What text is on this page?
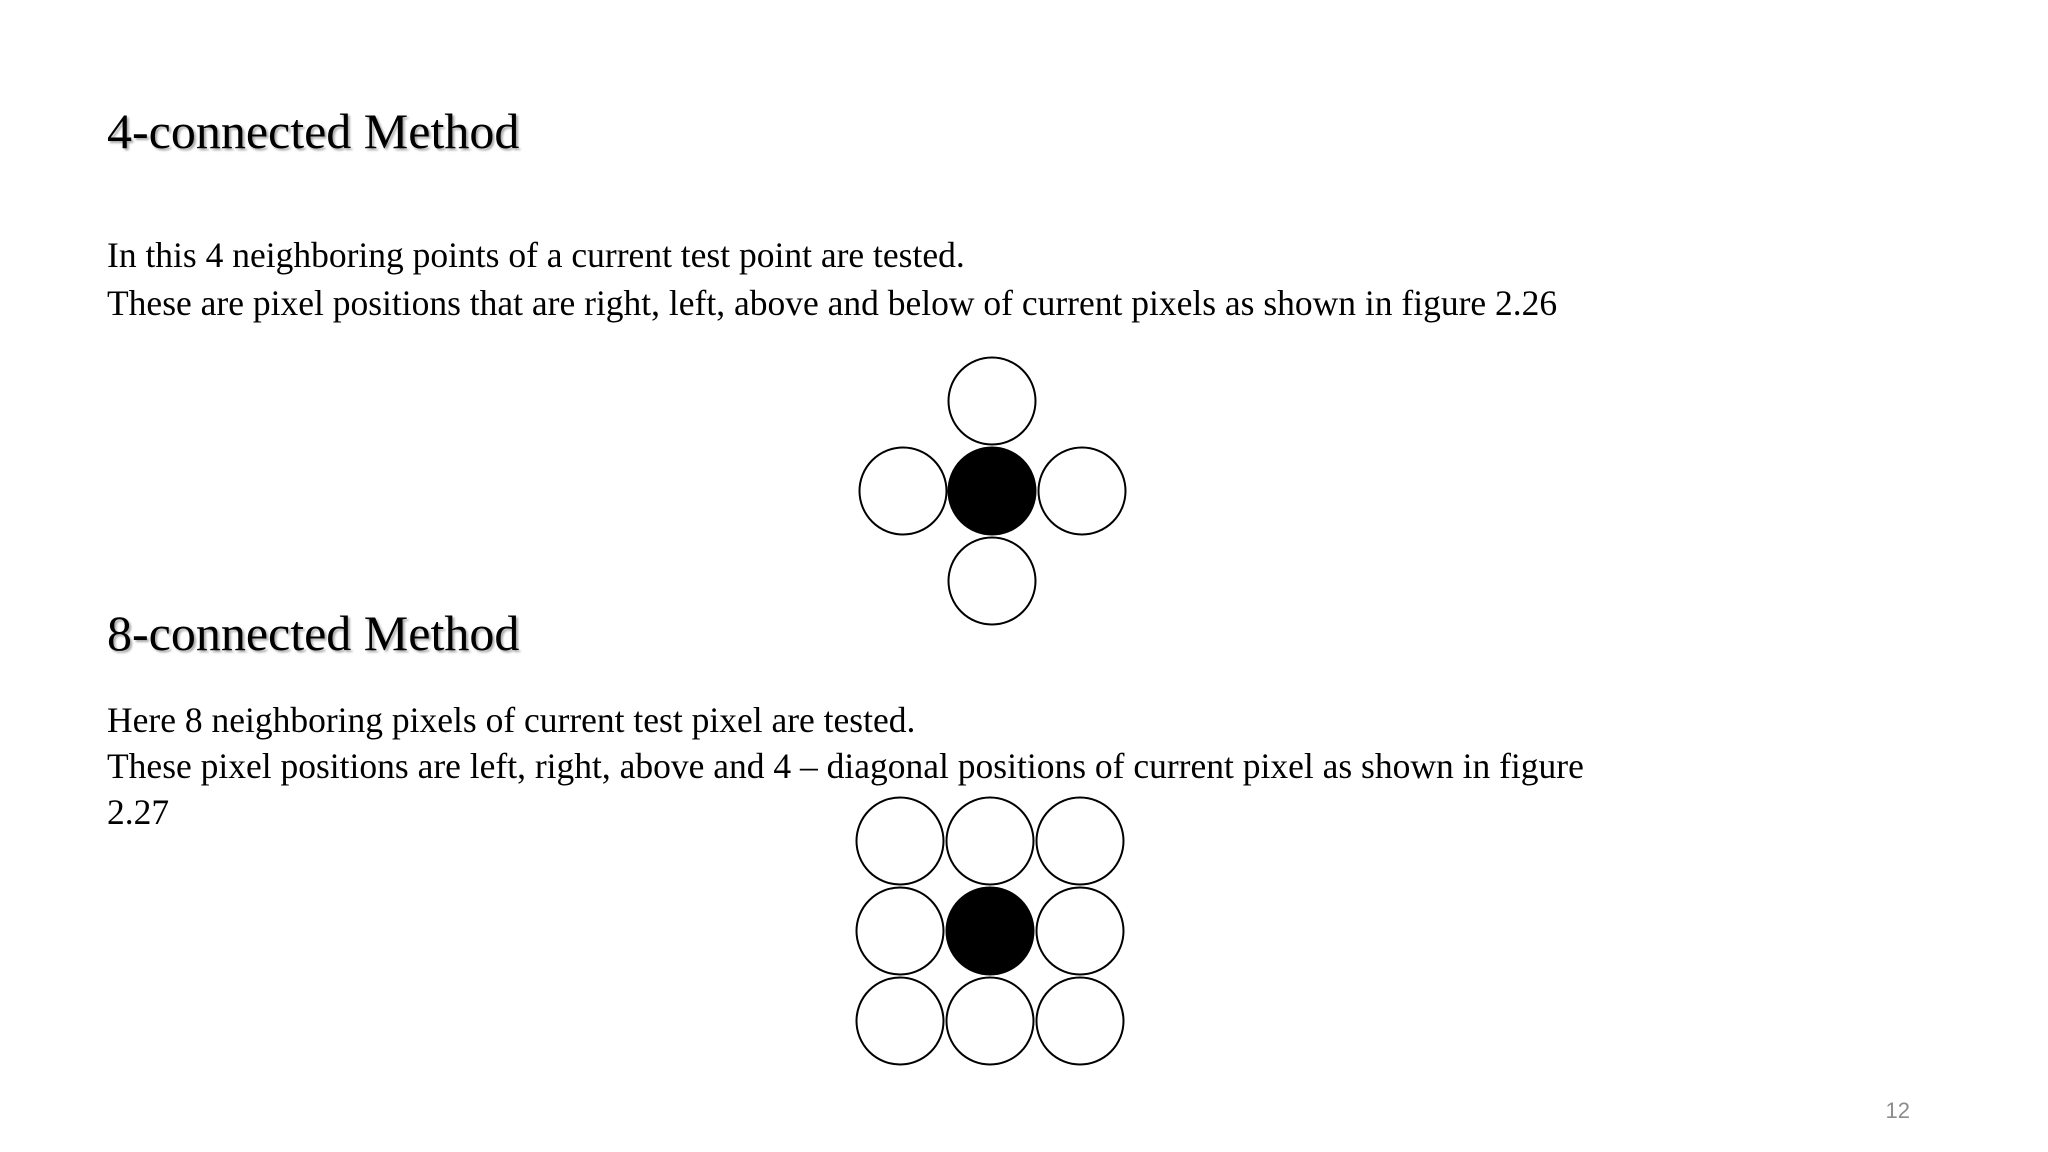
4-connected Method

In this 4 neighboring points of a current test point are tested.

These are pixel positions that are right, left, above and below of current pixels as shown in figure 2.26

8-connected Method

Here 8 neighboring pixels of current test pixel are tested.

These pixel positions are left, right, above and 4 – diagonal positions of current pixel as shown in figure

2.27

12
